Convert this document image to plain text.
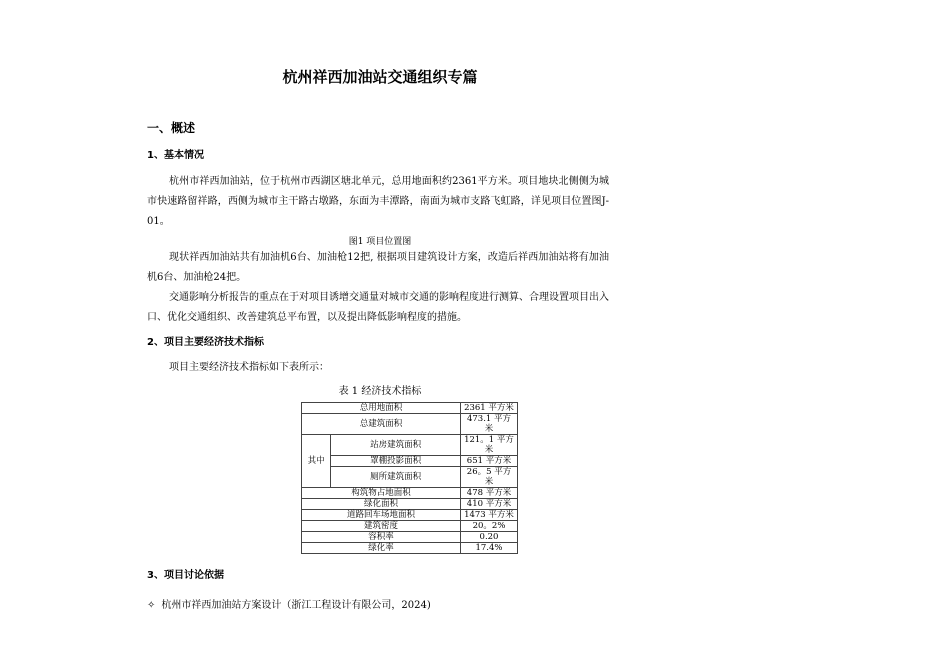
杭州祥西加油站交通组织专篇
一、概述
1、基本情况
杭州市祥西加油站，位于杭州市西湖区塘北单元，总用地面积约2361平方米。项目地块北侧侧为城市快速路留祥路，西侧为城市主干路古墩路，东面为丰潭路，南面为城市支路飞虹路，详见项目位置图J-01。
图1 项目位置图
现状祥西加油站共有加油机6台、加油枪12把, 根据项目建筑设计方案，改造后祥西加油站将有加油机6台、加油枪24把。
交通影响分析报告的重点在于对项目诱增交通量对城市交通的影响程度进行测算、合理设置项目出入口、优化交通组织、改善建筑总平布置，以及提出降低影响程度的措施。
2、项目主要经济技术指标
项目主要经济技术指标如下表所示：
表 1 经济技术指标
总用地面积		2361 平方米
总建筑面积		473.1 平方米
其中	站房建筑面积	121。1 平方米
	罩棚投影面积	651 平方米
	厕所建筑面积	26。5 平方米
构筑物占地面积		478 平方米
绿化面积		410 平方米
道路回车场地面积		1473 平方米
建筑密度		20。2%
容积率		0.20
绿化率		17.4%
3、项目讨论依据
✧ 杭州市祥西加油站方案设计（浙江工程设计有限公司，2024)
